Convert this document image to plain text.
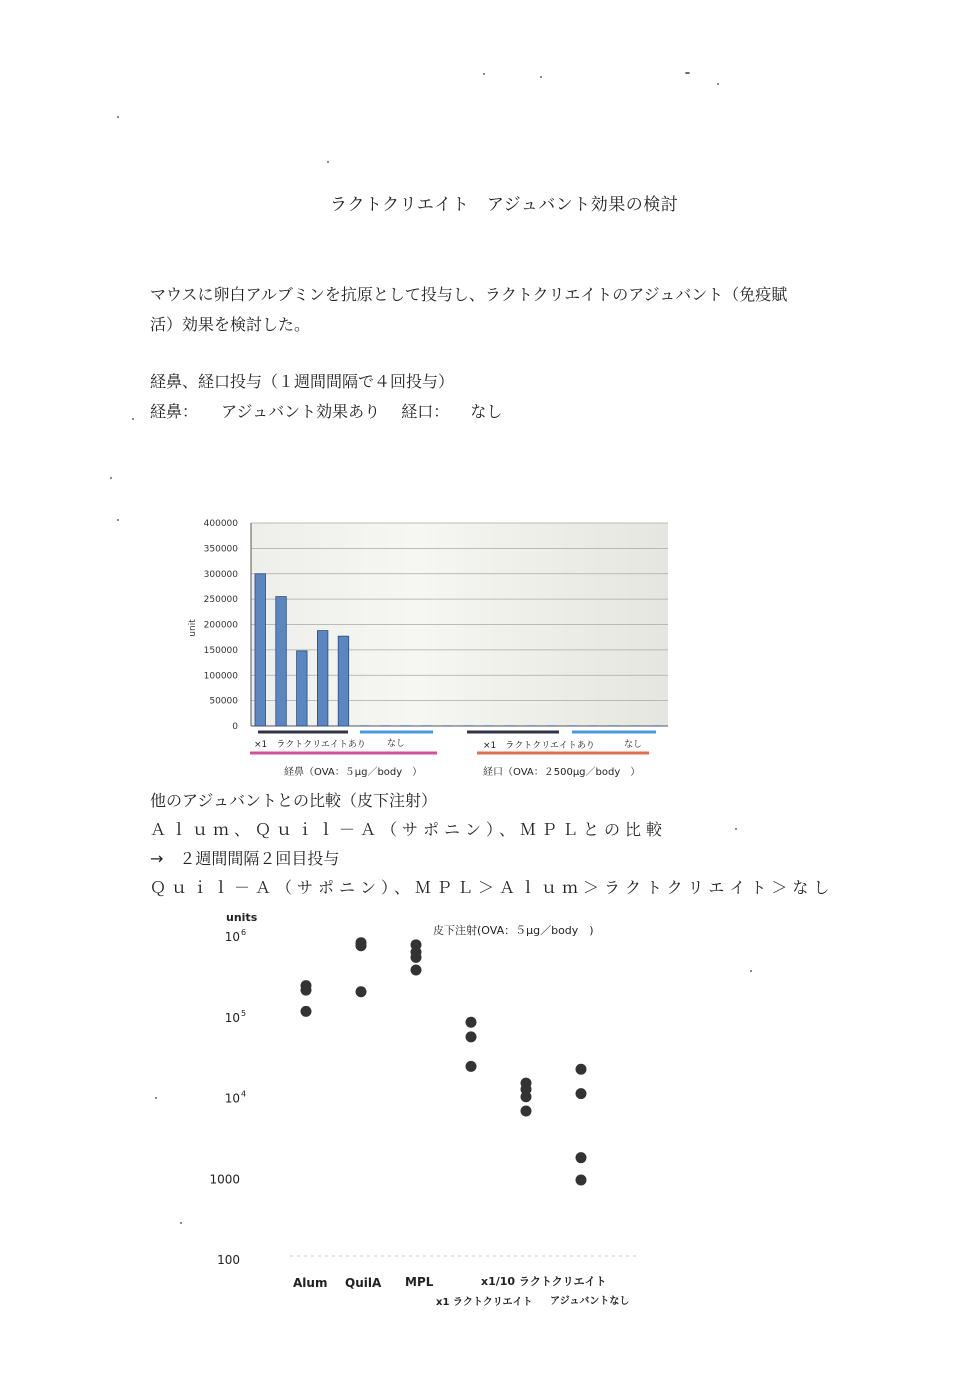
ラクトクリエイト　アジュバント効果の検討
マウスに卵白アルブミンを抗原として投与し、ラクトクリエイトのアジュバント（免疫賦
活）効果を検討した。
経鼻、経口投与（１週間間隔で４回投与）
経鼻： アジュバント効果あり 経口： なし
400000
350000
300000
250000
200000
150000
100000
50000
0
unit
×1　ラクトクリエイトあり なし	×1　ラクトクリエイトあり	なし
経鼻（OVA：５μg／body　）	経口（OVA：２500μg／body　）
他のアジュバントとの比較（皮下注射）
Ａｌｕｍ、Ｑｕｉｌ－Ａ（サポニン）、ＭＰＬとの比較
→　２週間間隔２回目投与
Ｑｕｉｌ－Ａ（サポニン）、ＭＰＬ＞Ａｌｕｍ＞ラクトクリエイト＞なし
units
皮下注射(OVA：５μg／body　)
10 6
10 5
10 4
1000
100
Alum QuilA MPL	x1/10 ラクトクリエイト
x1 ラクトクリエイト アジュバントなし
